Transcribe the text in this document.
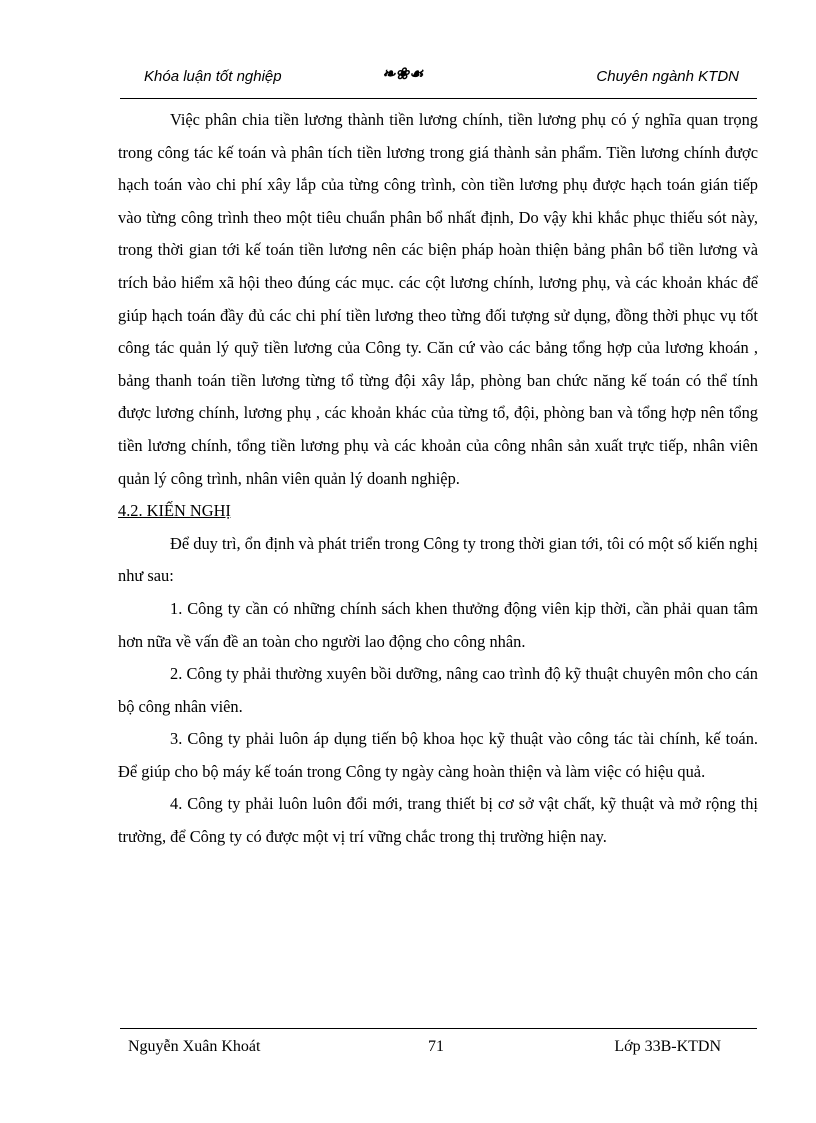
Khóa luận tốt nghiệp	❧❀☙	Chuyên ngành KTDN

Việc phân chia tiền lương thành tiền lương chính, tiền lương phụ có ý nghĩa quan trọng trong công tác kế toán và phân tích tiền lương trong giá thành sản phẩm. Tiền lương chính được hạch toán vào chi phí xây lắp của từng công trình, còn tiền lương phụ được hạch toán gián tiếp vào từng công trình theo một tiêu chuẩn phân bổ nhất định, Do vậy khi khắc phục thiếu sót này, trong thời gian tới kế toán tiền lương nên các biện pháp hoàn thiện bảng phân bổ tiền lương và trích bảo hiểm xã hội theo đúng các mục. các cột lương chính, lương phụ, và các khoản khác để giúp hạch toán đầy đủ các chi phí tiền lương theo từng đối tượng sử dụng, đồng thời phục vụ tốt công tác quản lý quỹ tiền lương của Công ty. Căn cứ vào các bảng tổng hợp của lương khoán , bảng thanh toán tiền lương từng tổ từng đội xây lắp, phòng ban chức năng kế toán có thể tính được lương chính, lương phụ , các khoản khác của từng tổ, đội, phòng ban và tổng hợp nên tổng tiền lương chính, tổng tiền lương phụ và các khoản của công nhân sản xuất trực tiếp, nhân viên quản lý công trình, nhân viên quản lý doanh nghiệp.

4.2. KIẾN NGHỊ

Để duy trì, ổn định và phát triển trong Công ty trong thời gian tới, tôi có một số kiến nghị như sau:

1. Công ty cần có những chính sách khen thưởng động viên kịp thời, cần phải quan tâm hơn nữa về vấn đề an toàn cho người lao động cho công nhân.

2. Công ty phải thường xuyên bồi dưỡng, nâng cao trình độ kỹ thuật chuyên môn cho cán bộ công nhân viên.

3. Công ty phải luôn áp dụng tiến bộ khoa học kỹ thuật vào công tác tài chính, kế toán. Để giúp cho bộ máy kế toán trong Công ty ngày càng hoàn thiện và làm việc có hiệu quả.

4. Công ty phải luôn luôn đổi mới, trang thiết bị cơ sở vật chất, kỹ thuật và mở rộng thị trường, để Công ty có được một vị trí vững chắc trong thị trường hiện nay.

Nguyễn Xuân Khoát	71	Lớp 33B-KTDN
